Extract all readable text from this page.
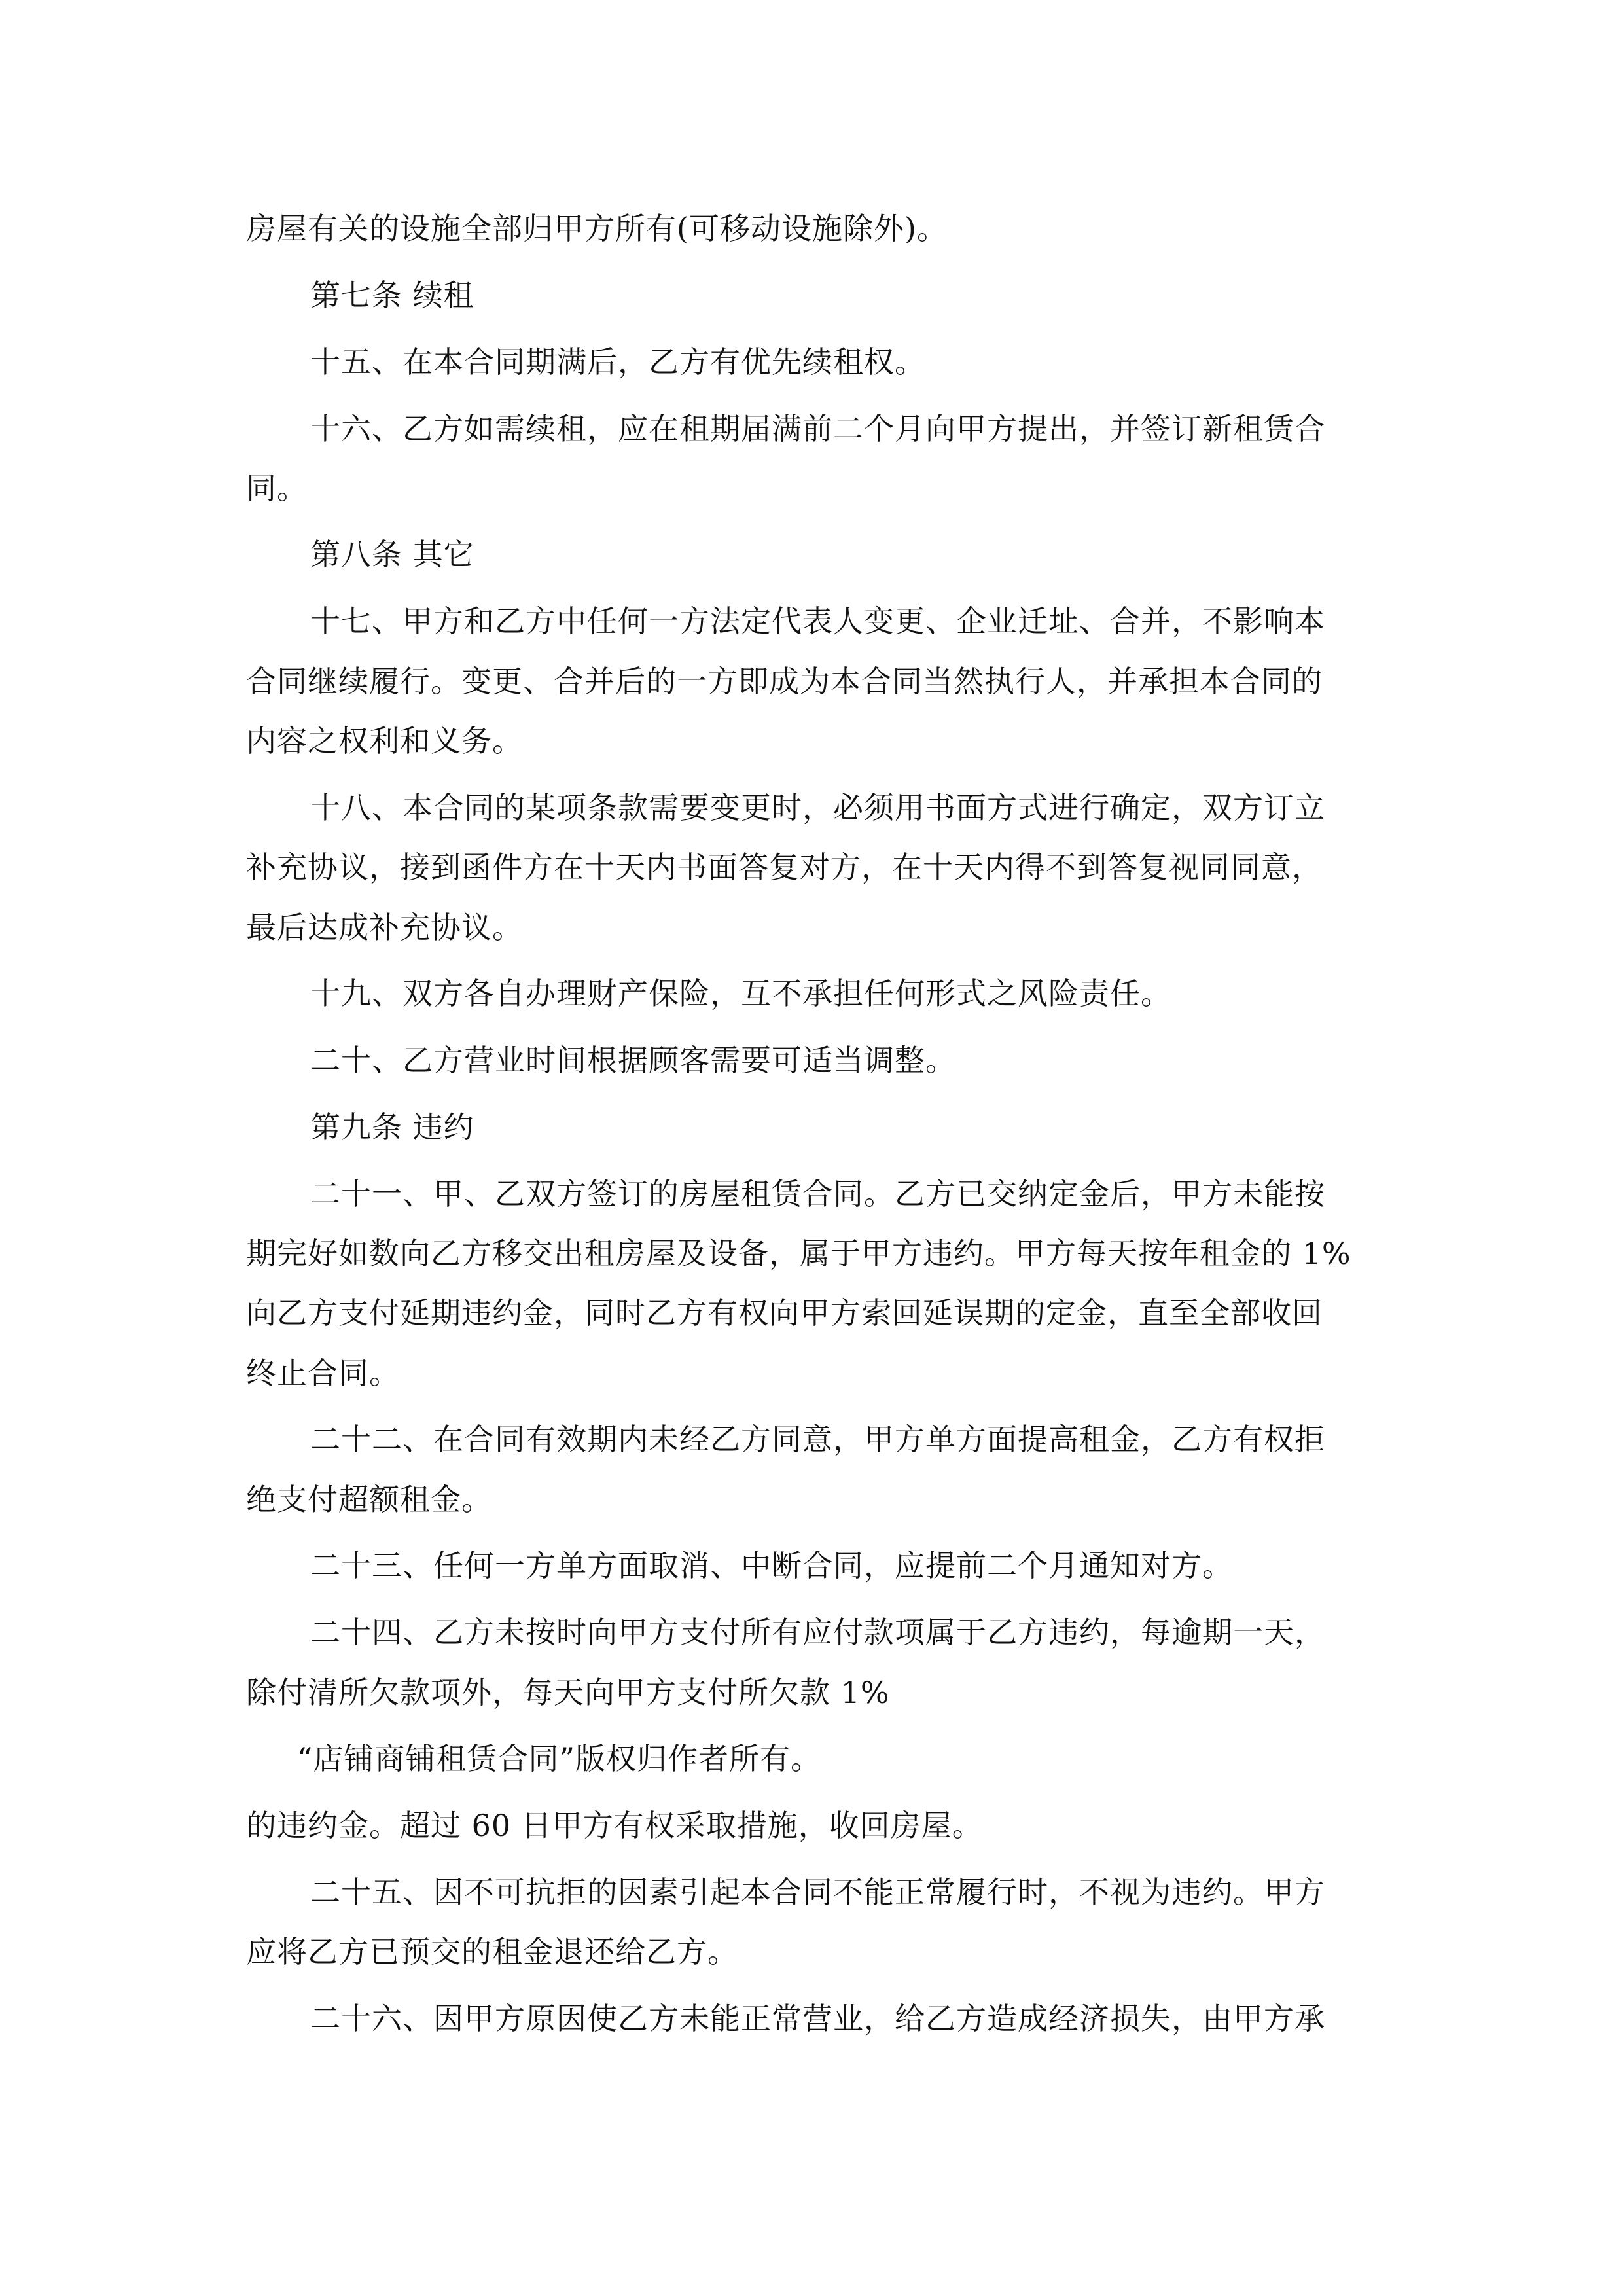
房屋有关的设施全部归甲方所有(可移动设施除外)。
第七条 续租
十五、在本合同期满后，乙方有优先续租权。
十六、乙方如需续租，应在租期届满前二个月向甲方提出，并签订新租赁合
同。
第八条 其它
十七、甲方和乙方中任何一方法定代表人变更、企业迁址、合并，不影响本
合同继续履行。变更、合并后的一方即成为本合同当然执行人，并承担本合同的
内容之权利和义务。
十八、本合同的某项条款需要变更时，必须用书面方式进行确定，双方订立
补充协议，接到函件方在十天内书面答复对方，在十天内得不到答复视同同意，
最后达成补充协议。
十九、双方各自办理财产保险，互不承担任何形式之风险责任。
二十、乙方营业时间根据顾客需要可适当调整。
第九条 违约
二十一、甲、乙双方签订的房屋租赁合同。乙方已交纳定金后，甲方未能按
期完好如数向乙方移交出租房屋及设备，属于甲方违约。甲方每天按年租金的 1%
向乙方支付延期违约金，同时乙方有权向甲方索回延误期的定金，直至全部收回
终止合同。
二十二、在合同有效期内未经乙方同意，甲方单方面提高租金，乙方有权拒
绝支付超额租金。
二十三、任何一方单方面取消、中断合同，应提前二个月通知对方。
二十四、乙方未按时向甲方支付所有应付款项属于乙方违约，每逾期一天，
除付清所欠款项外，每天向甲方支付所欠款 1%
“店铺商铺租赁合同”版权归作者所有。
的违约金。超过 60 日甲方有权采取措施，收回房屋。
二十五、因不可抗拒的因素引起本合同不能正常履行时，不视为违约。甲方
应将乙方已预交的租金退还给乙方。
二十六、因甲方原因使乙方未能正常营业，给乙方造成经济损失，由甲方承
